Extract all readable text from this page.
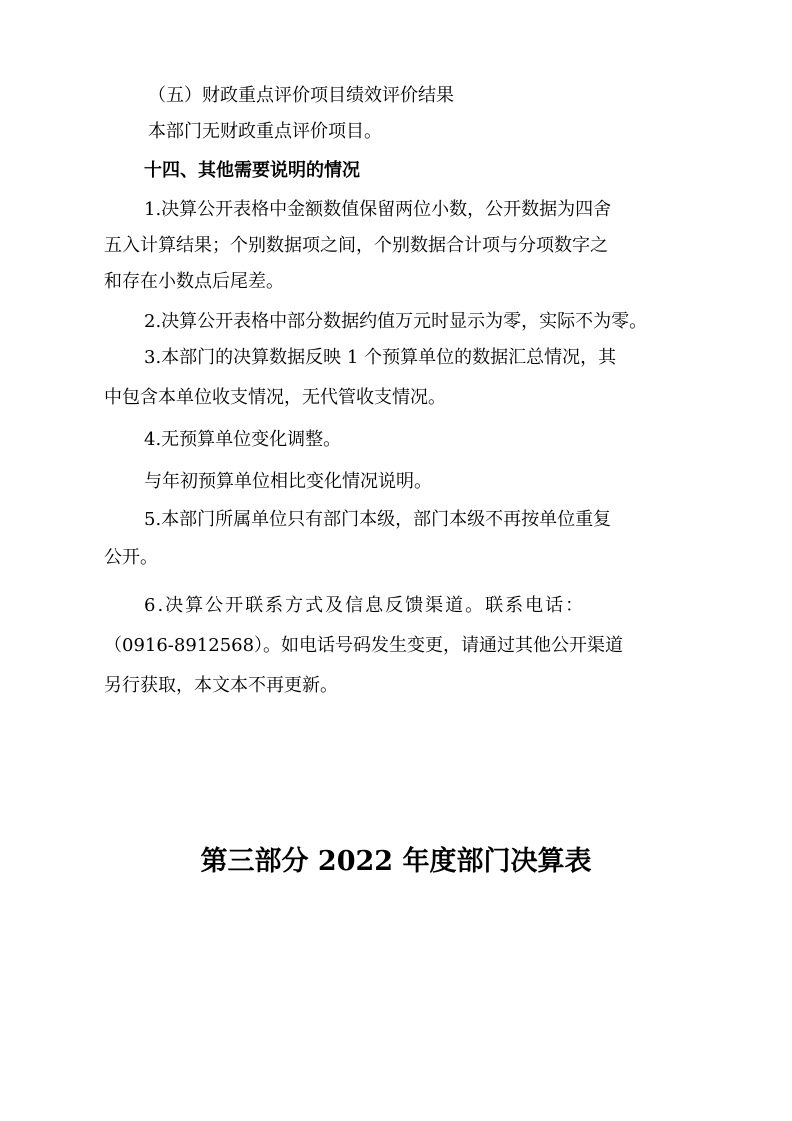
（五）财政重点评价项目绩效评价结果
本部门无财政重点评价项目。
十四、其他需要说明的情况
1.决算公开表格中金额数值保留两位小数，公开数据为四舍
五入计算结果；个别数据项之间，个别数据合计项与分项数字之
和存在小数点后尾差。
2.决算公开表格中部分数据约值万元时显示为零，实际不为零。
3.本部门的决算数据反映 1 个预算单位的数据汇总情况，其
中包含本单位收支情况，无代管收支情况。
4.无预算单位变化调整。
与年初预算单位相比变化情况说明。
5.本部门所属单位只有部门本级，部门本级不再按单位重复
公开。
6.决算公开联系方式及信息反馈渠道。联系电话：
（0916-8912568）。如电话号码发生变更，请通过其他公开渠道
另行获取，本文本不再更新。
第三部分 2022 年度部门决算表
